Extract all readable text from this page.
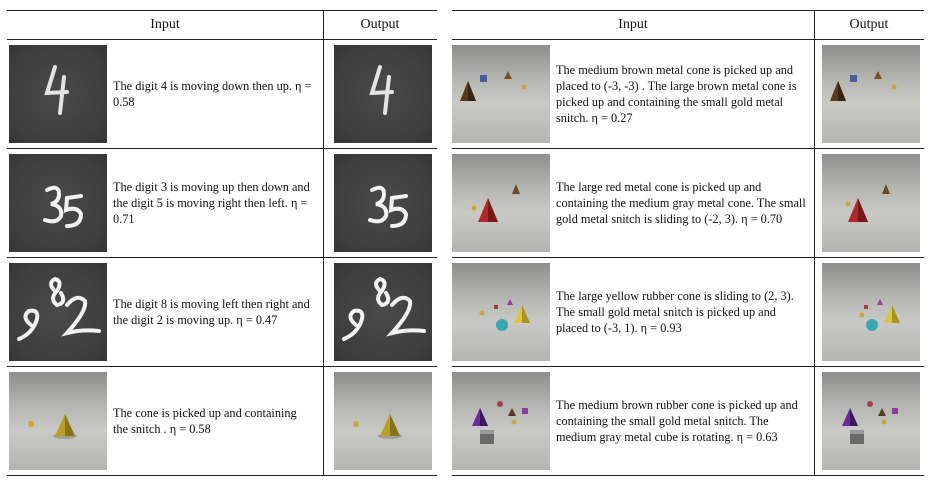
Input	Output
The digit 4 is moving down then up. η = 0.58
The digit 3 is moving up then down and the digit 5 is moving right then left. η = 0.71
The digit 8 is moving left then right and the digit 2 is moving up. η = 0.47
The cone is picked up and containing the snitch . η = 0.58
Input	Output
The medium brown metal cone is picked up and placed to (-3, -3) . The large brown metal cone is picked up and containing the small gold metal snitch. η = 0.27
The large red metal cone is picked up and containing the medium gray metal cone. The small gold metal snitch is sliding to (-2, 3). η = 0.70
The large yellow rubber cone is sliding to (2, 3). The small gold metal snitch is picked up and placed to (-3, 1). η = 0.93
The medium brown rubber cone is picked up and containing the small gold metal snitch. The medium gray metal cube is rotating. η = 0.63
